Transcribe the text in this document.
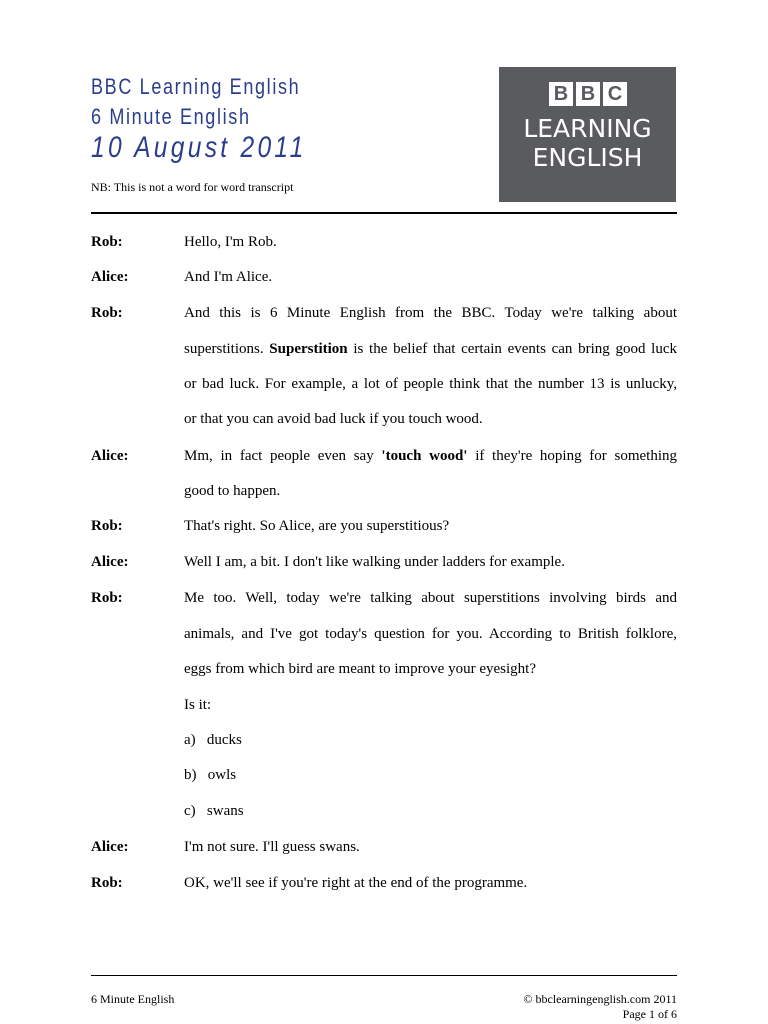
BBC Learning English
6 Minute English
10 August 2011
NB: This is not a word for word transcript
B B C
LEARNING
ENGLISH
Rob:	Hello, I'm Rob.
Alice:	And I'm Alice.
Rob:	And this is 6 Minute English from the BBC. Today we're talking about
superstitions. Superstition is the belief that certain events can bring good luck
or bad luck. For example, a lot of people think that the number 13 is unlucky,
or that you can avoid bad luck if you touch wood.
Alice:	Mm, in fact people even say 'touch wood' if they're hoping for something
good to happen.
Rob:	That's right. So Alice, are you superstitious?
Alice:	Well I am, a bit. I don't like walking under ladders for example.
Rob:	Me too. Well, today we're talking about superstitions involving birds and
animals, and I've got today's question for you. According to British folklore,
eggs from which bird are meant to improve your eyesight?
Is it:
a)   ducks
b)   owls
c)   swans
Alice:	I'm not sure. I'll guess swans.
Rob:	OK, we'll see if you're right at the end of the programme.
6 Minute English	© bbclearningenglish.com 2011
Page 1 of 6
